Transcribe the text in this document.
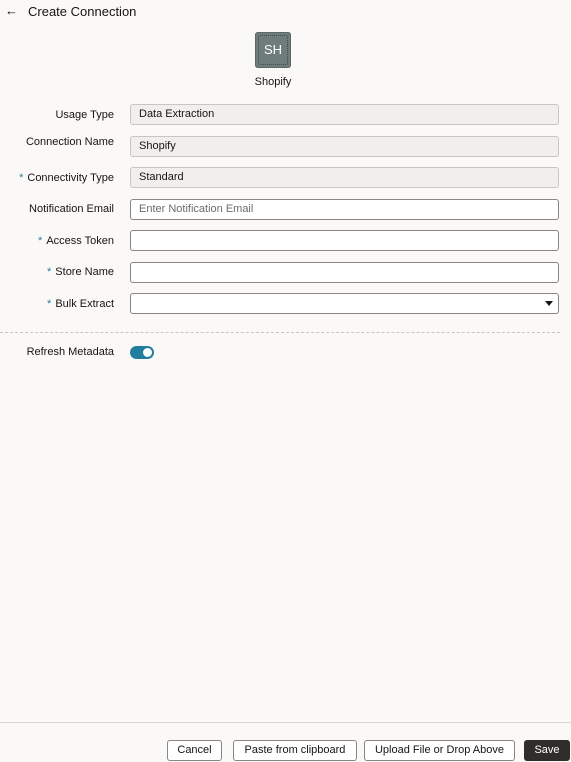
← Create Connection
SH
Shopify
Usage Type	Data Extraction
Connection Name	Shopify
* Connectivity Type	Standard
Notification Email	Enter Notification Email
* Access Token
* Store Name
* Bulk Extract
Refresh Metadata
Cancel	Paste from clipboard	Upload File or Drop Above	Save
